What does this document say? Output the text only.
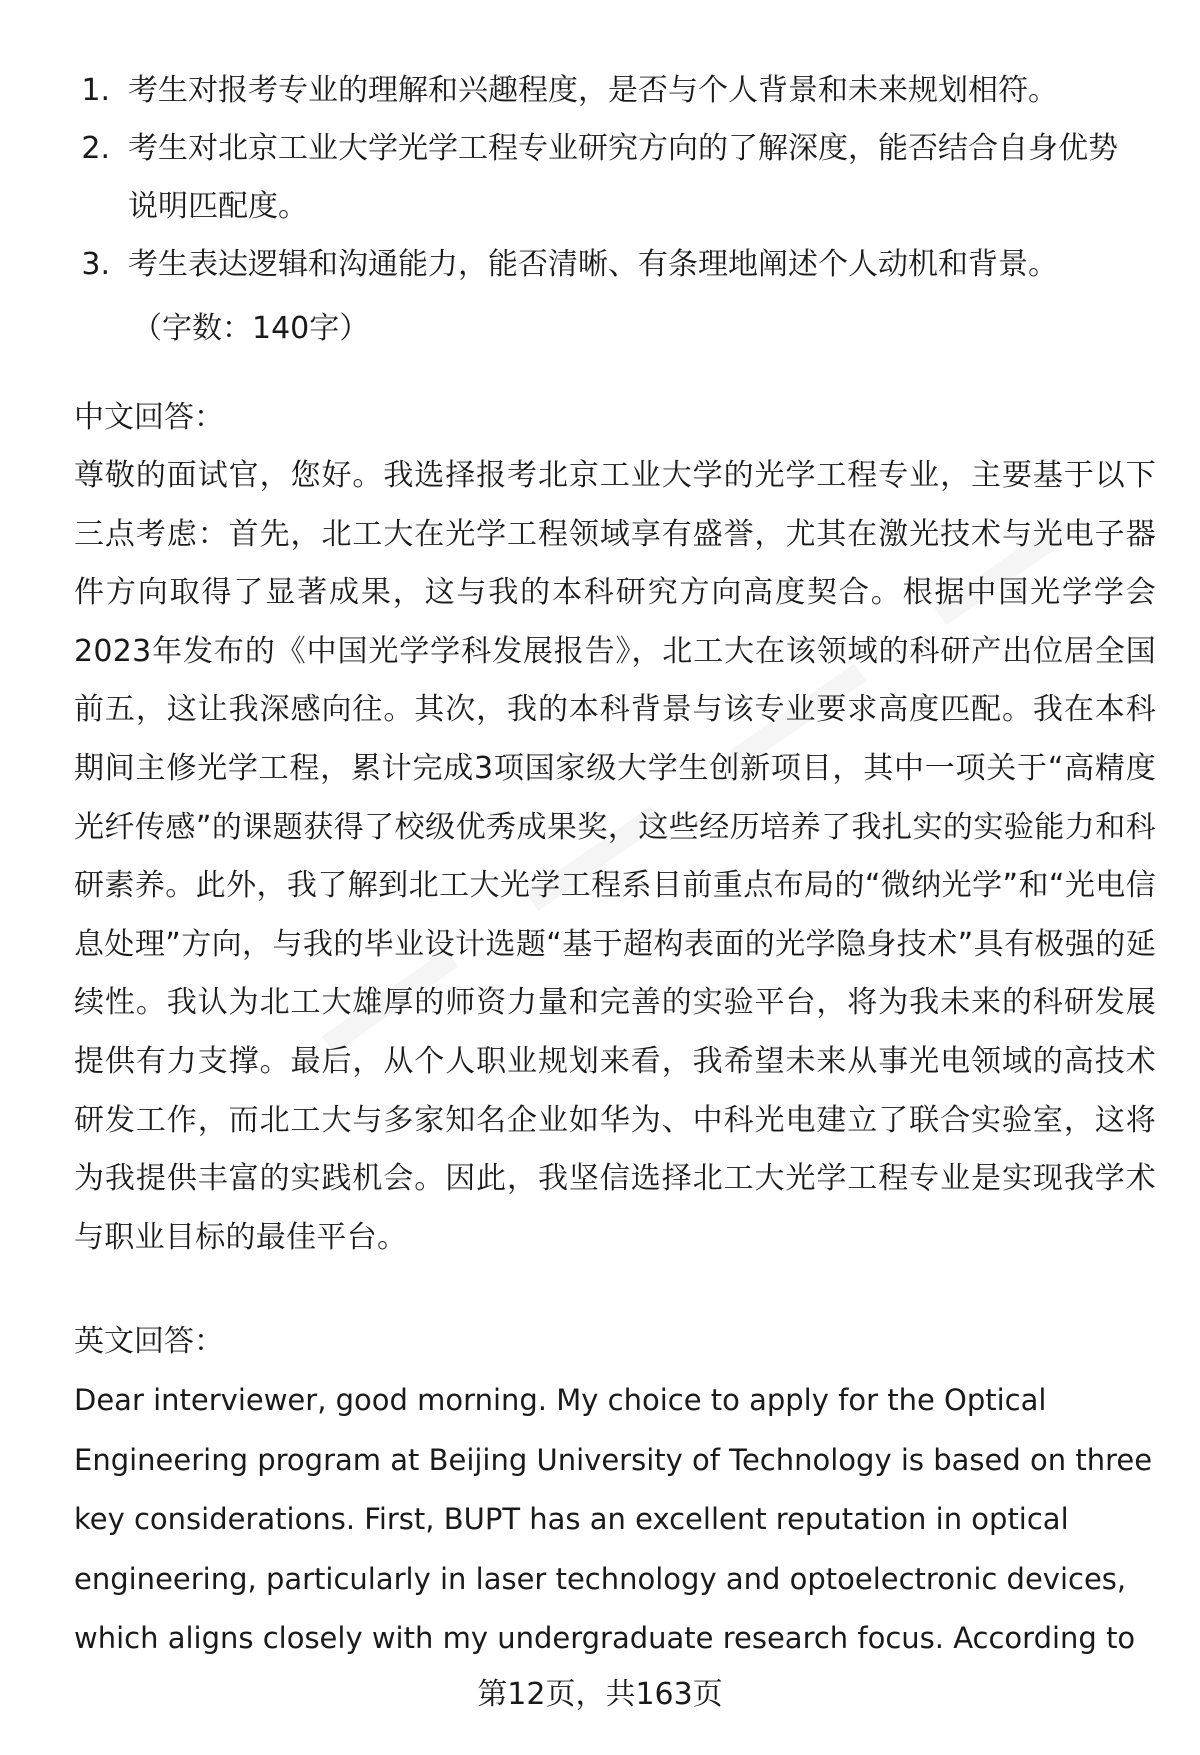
1. 考生对报考专业的理解和兴趣程度，是否与个人背景和未来规划相符。
2. 考生对北京工业大学光学工程专业研究方向的了解深度，能否结合自身优势说明匹配度。
3. 考生表达逻辑和沟通能力，能否清晰、有条理地阐述个人动机和背景。
（字数：140字）
中文回答：

尊敬的面试官，您好。我选择报考北京工业大学的光学工程专业，主要基于以下三点考虑：首先，北工大在光学工程领域享有盛誉，尤其在激光技术与光电子器件方向取得了显著成果，这与我的本科研究方向高度契合。根据中国光学学会2023年发布的《中国光学学科发展报告》，北工大在该领域的科研产出位居全国前五，这让我深感向往。其次，我的本科背景与该专业要求高度匹配。我在本科期间主修光学工程，累计完成3项国家级大学生创新项目，其中一项关于“高精度光纤传感”的课题获得了校级优秀成果奖，这些经历培养了我扎实的实验能力和科研素养。此外，我了解到北工大光学工程系目前重点布局的“微纳光学”和“光电信息处理”方向，与我的毕业设计选题“基于超构表面的光学隐身技术”具有极强的延续性。我认为北工大雄厚的师资力量和完善的实验平台，将为我未来的科研发展提供有力支撑。最后，从个人职业规划来看，我希望未来从事光电领域的高技术研发工作，而北工大与多家知名企业如华为、中科光电建立了联合实验室，这将为我提供丰富的实践机会。因此，我坚信选择北工大光学工程专业是实现我学术与职业目标的最佳平台。

英文回答：

Dear interviewer, good morning. My choice to apply for the Optical Engineering program at Beijing University of Technology is based on three key considerations. First, BUPT has an excellent reputation in optical engineering, particularly in laser technology and optoelectronic devices, which aligns closely with my undergraduate research focus. According to

第12页，共163页
